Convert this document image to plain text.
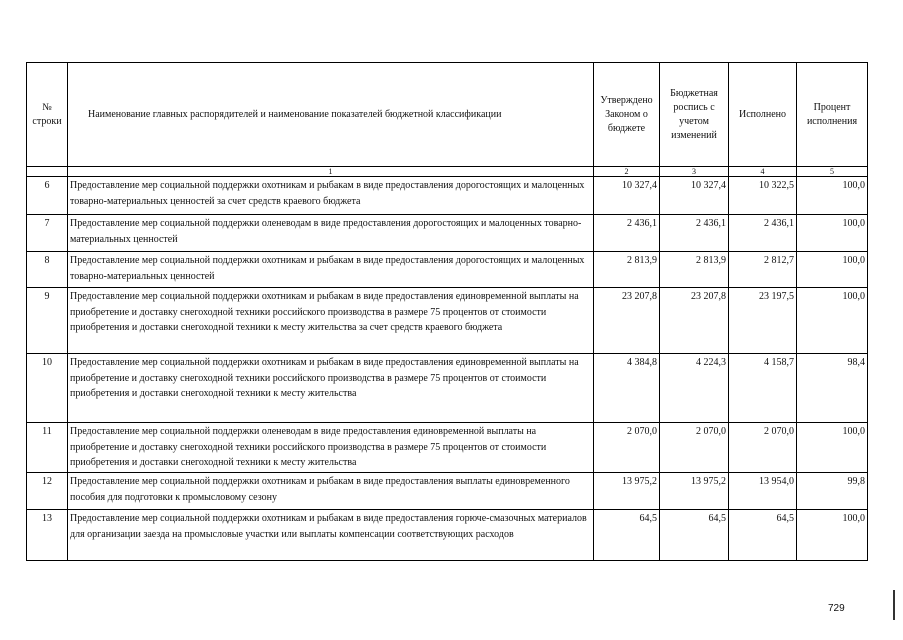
№ строки	Наименование главных распорядителей и наименование показателей бюджетной классификации	Утверждено Законом о бюджете	Бюджетная роспись с учетом изменений	Исполнено	Процент исполнения
	1	2	3	4	5
6	Предоставление мер социальной поддержки охотникам и рыбакам в виде предоставления дорогостоящих и малоценных товарно-материальных ценностей за счет средств краевого бюджета	10 327,4	10 327,4	10 322,5	100,0
7	Предоставление мер социальной поддержки оленеводам в виде предоставления дорогостоящих и малоценных товарно-материальных ценностей	2 436,1	2 436,1	2 436,1	100,0
8	Предоставление мер социальной поддержки охотникам и рыбакам в виде предоставления дорогостоящих и малоценных товарно-материальных ценностей	2 813,9	2 813,9	2 812,7	100,0
9	Предоставление мер социальной поддержки охотникам и рыбакам в виде предоставления единовременной выплаты на приобретение и доставку снегоходной техники российского производства в размере 75 процентов от стоимости приобретения и доставки снегоходной техники к месту жительства за счет средств краевого бюджета	23 207,8	23 207,8	23 197,5	100,0
10	Предоставление мер социальной поддержки охотникам и рыбакам в виде предоставления единовременной выплаты на приобретение и доставку снегоходной техники российского производства в размере 75 процентов от стоимости приобретения и доставки снегоходной техники к месту жительства	4 384,8	4 224,3	4 158,7	98,4
11	Предоставление мер социальной поддержки оленеводам в виде предоставления единовременной выплаты на приобретение и доставку снегоходной техники российского производства в размере 75 процентов от стоимости приобретения и доставки снегоходной техники к месту жительства	2 070,0	2 070,0	2 070,0	100,0
12	Предоставление мер социальной поддержки охотникам и рыбакам в виде предоставления выплаты единовременного пособия для подготовки к промысловому сезону	13 975,2	13 975,2	13 954,0	99,8
13	Предоставление мер социальной поддержки охотникам и рыбакам в виде предоставления горюче-смазочных материалов для организации заезда на промысловые участки или выплаты компенсации соответствующих расходов	64,5	64,5	64,5	100,0
729
